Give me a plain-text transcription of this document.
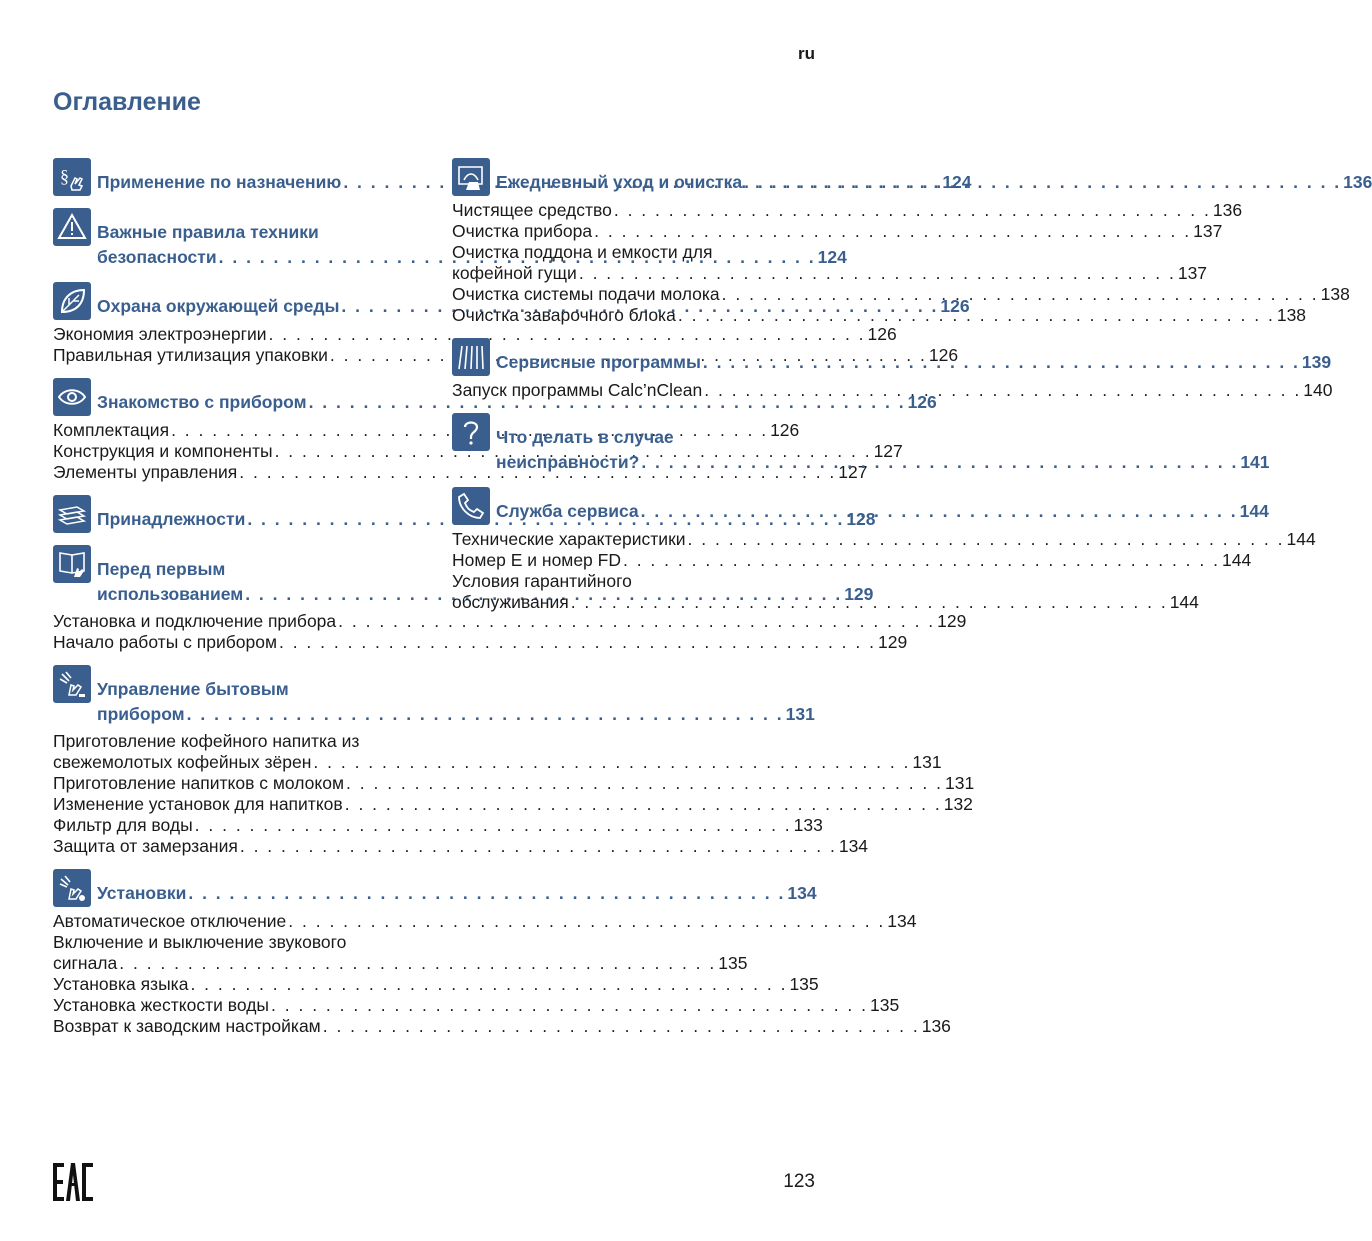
ru
Оглавление
§ Применение по назначению . . .	124
Важные правила техники
безопасности . . .	124
Охрана окружающей среды . . .	126
Экономия электроэнергии . . .	126
Правильная утилизация упаковки . . .	126
Знакомство с прибором . . .	126
Комплектация . . .	126
Конструкция и компоненты . . .	127
Элементы управления . . .	127
Принадлежности . . .	128
Перед первым
использованием . . .	129
Установка и подключение прибора . . .	129
Начало работы с прибором . . .	129
Управление бытовым
прибором . . .	131
Приготовление кофейного напитка из
свежемолотых кофейных зёрен . . .	131
Приготовление напитков с молоком . . .	131
Изменение установок для напитков . . .	132
Фильтр для воды . . .	133
Защита от замерзания . . .	134
Установки . . .	134
Автоматическое отключение . . .	134
Включение и выключение звукового
сигнала . . .	135
Установка языка . . .	135
Установка жесткости воды . . .	135
Возврат к заводским настройкам . . .	136
Ежедневный уход и очистка . . .	136
Чистящее средство . . .	136
Очистка прибора . . .	137
Очистка поддона и емкости для
кофейной гущи . . .	137
Очистка системы подачи молока . . .	138
Очистка заварочного блока . . .	138
Сервисные программы . . .	139
Запуск программы Calc’nClean . . .	140
Что делать в случае
неисправности? . . .	141
Служба сервиса . . .	144
Технические характеристики . . .	144
Номер E и номер FD . . .	144
Условия гарантийного
обслуживания . . .	144
123
